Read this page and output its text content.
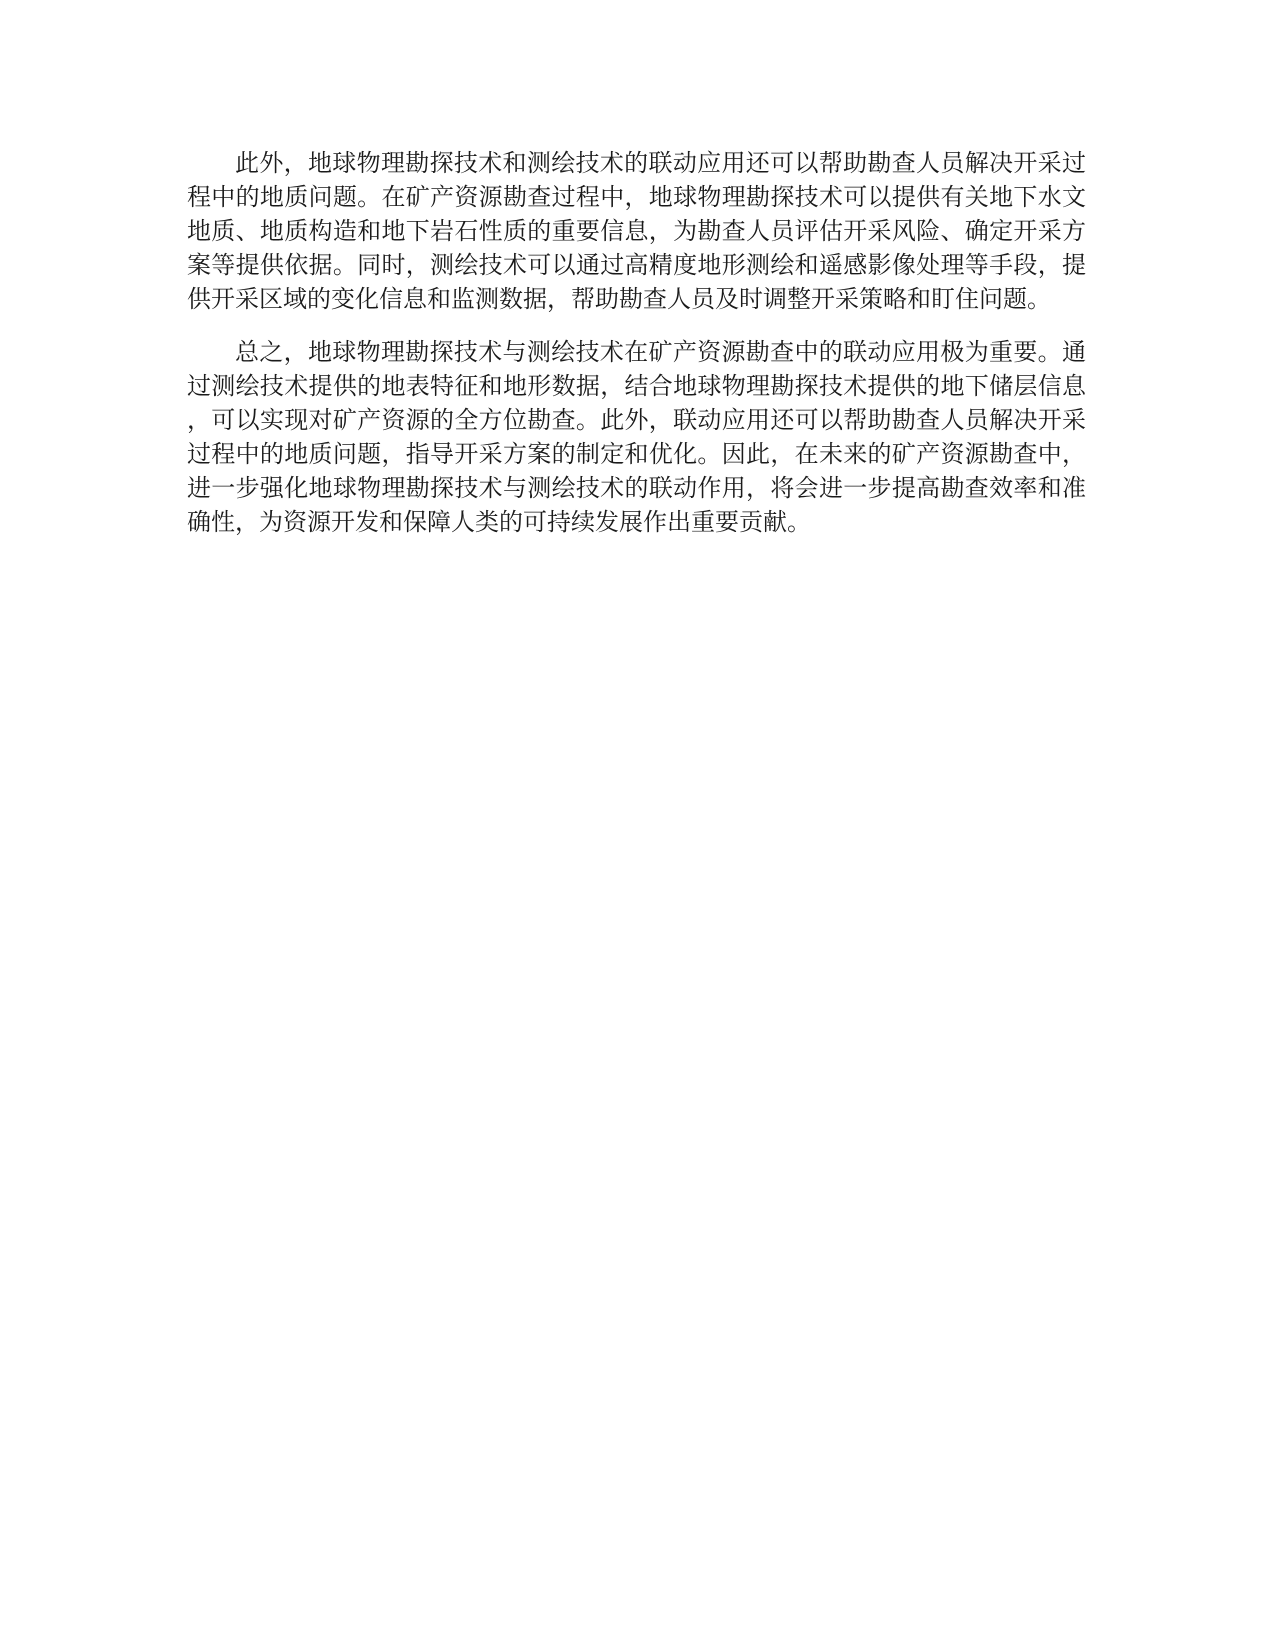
此外，地球物理勘探技术和测绘技术的联动应用还可以帮助勘查人员解决开采过程中的地质问题。在矿产资源勘查过程中，地球物理勘探技术可以提供有关地下水文地质、地质构造和地下岩石性质的重要信息，为勘查人员评估开采风险、确定开采方案等提供依据。同时，测绘技术可以通过高精度地形测绘和遥感影像处理等手段，提供开采区域的变化信息和监测数据，帮助勘查人员及时调整开采策略和盯住问题。

总之，地球物理勘探技术与测绘技术在矿产资源勘查中的联动应用极为重要。通过测绘技术提供的地表特征和地形数据，结合地球物理勘探技术提供的地下储层信息，可以实现对矿产资源的全方位勘查。此外，联动应用还可以帮助勘查人员解决开采过程中的地质问题，指导开采方案的制定和优化。因此，在未来的矿产资源勘查中，进一步强化地球物理勘探技术与测绘技术的联动作用，将会进一步提高勘查效率和准确性，为资源开发和保障人类的可持续发展作出重要贡献。
